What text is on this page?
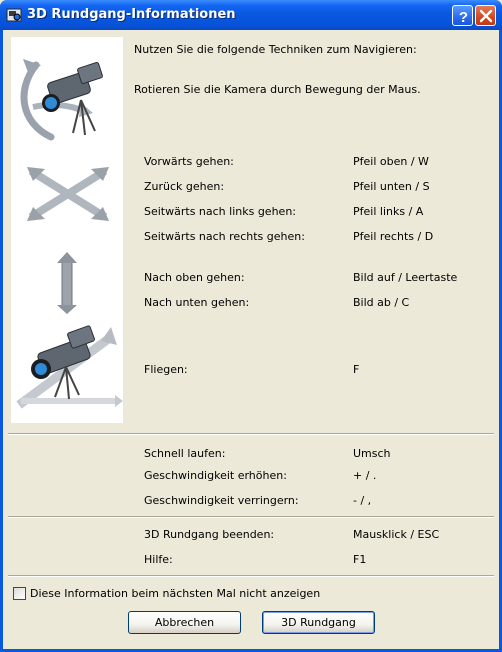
3D Rundgang-Informationen	?
Nutzen Sie die folgende Techniken zum Navigieren:
Rotieren Sie die Kamera durch Bewegung der Maus.
Vorwärts gehen:	Pfeil oben / W
Zurück gehen:	Pfeil unten / S
Seitwärts nach links gehen:	Pfeil links / A
Seitwärts nach rechts gehen:	Pfeil rechts / D
Nach oben gehen:	Bild auf / Leertaste
Nach unten gehen:	Bild ab / C
Fliegen:	F
Schnell laufen:	Umsch
Geschwindigkeit erhöhen:	+ / .
Geschwindigkeit verringern:	- / ,
3D Rundgang beenden:	Mausklick / ESC
Hilfe:	F1
Diese Information beim nächsten Mal nicht anzeigen
Abbrechen	3D Rundgang
